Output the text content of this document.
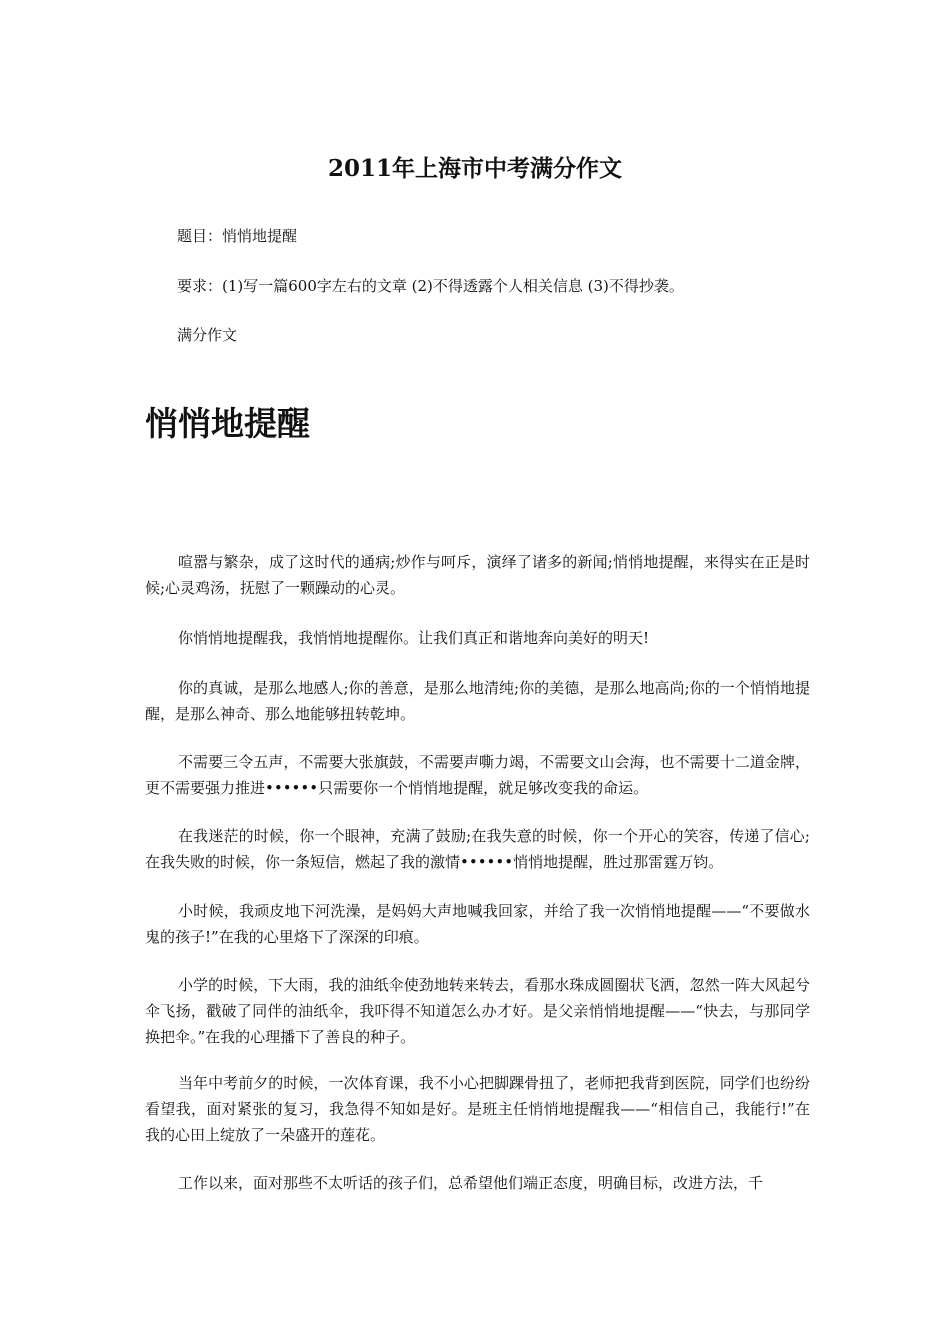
2011年上海市中考满分作文

题目：悄悄地提醒

要求：(1)写一篇600字左右的文章 (2)不得透露个人相关信息 (3)不得抄袭。

满分作文

悄悄地提醒

喧嚣与繁杂，成了这时代的通病;炒作与呵斥，演绎了诸多的新闻;悄悄地提醒，来得实在正是时候;心灵鸡汤，抚慰了一颗躁动的心灵。

你悄悄地提醒我，我悄悄地提醒你。让我们真正和谐地奔向美好的明天!

你的真诚，是那么地感人;你的善意，是那么地清纯;你的美德，是那么地高尚;你的一个悄悄地提醒，是那么神奇、那么地能够扭转乾坤。

不需要三令五声，不需要大张旗鼓，不需要声嘶力竭，不需要文山会海，也不需要十二道金牌，更不需要强力推进••••••只需要你一个悄悄地提醒，就足够改变我的命运。

在我迷茫的时候，你一个眼神，充满了鼓励;在我失意的时候，你一个开心的笑容，传递了信心;在我失败的时候，你一条短信，燃起了我的激情••••••悄悄地提醒，胜过那雷霆万钧。

小时候，我顽皮地下河洗澡，是妈妈大声地喊我回家，并给了我一次悄悄地提醒——“不要做水鬼的孩子!”在我的心里烙下了深深的印痕。

小学的时候，下大雨，我的油纸伞使劲地转来转去，看那水珠成圆圈状飞洒，忽然一阵大风起兮伞飞扬，戳破了同伴的油纸伞，我吓得不知道怎么办才好。是父亲悄悄地提醒——“快去，与那同学换把伞。”在我的心理播下了善良的种子。

当年中考前夕的时候，一次体育课，我不小心把脚踝骨扭了，老师把我背到医院，同学们也纷纷看望我，面对紧张的复习，我急得不知如是好。是班主任悄悄地提醒我——“相信自己，我能行!”在我的心田上绽放了一朵盛开的莲花。

工作以来，面对那些不太听话的孩子们，总希望他们端正态度，明确目标，改进方法，千
